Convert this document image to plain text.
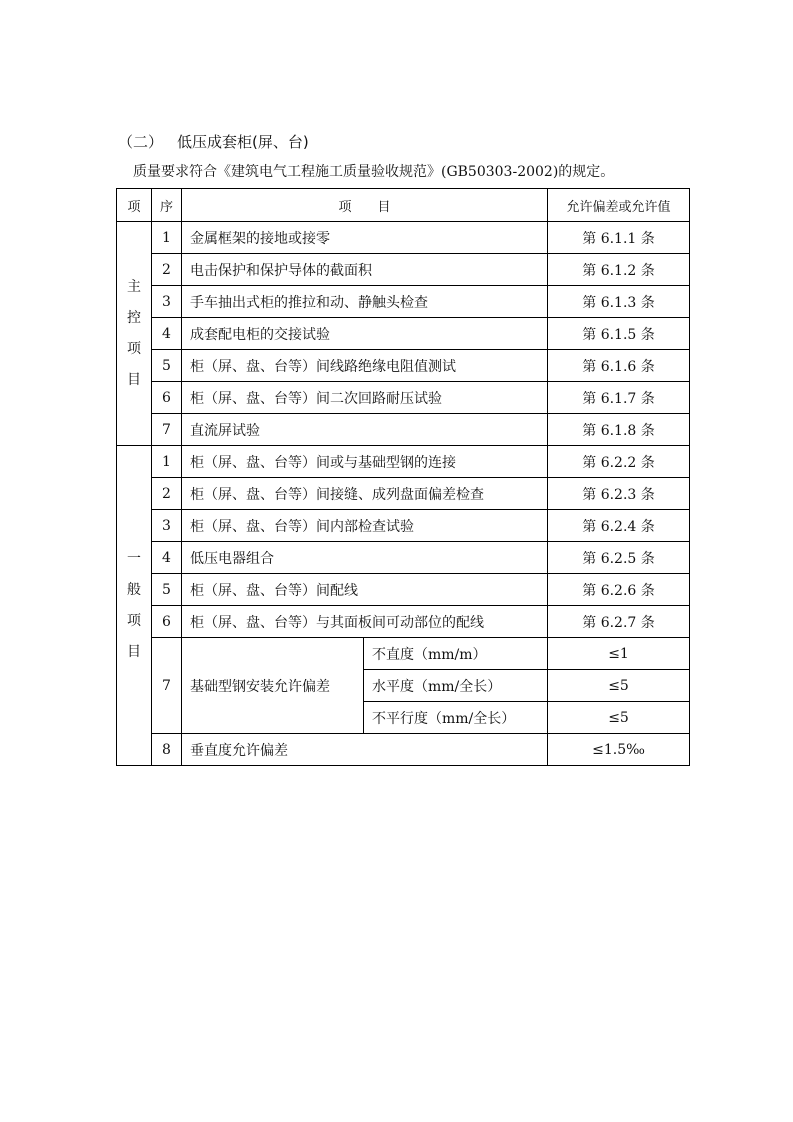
（二） 低压成套柜(屏、台)
质量要求符合《建筑电气工程施工质量验收规范》(GB50303-2002)的规定。
项	序	项　　目		允许偏差或允许值

主
控
项
目	1	金属框架的接地或接零		第 6.1.1 条
	2	电击保护和保护导体的截面积		第 6.1.2 条
	3	手车抽出式柜的推拉和动、静触头检查		第 6.1.3 条
	4	成套配电柜的交接试验		第 6.1.5 条
	5	柜（屏、盘、台等）间线路绝缘电阻值测试		第 6.1.6 条
	6	柜（屏、盘、台等）间二次回路耐压试验		第 6.1.7 条
	7	直流屏试验		第 6.1.8 条

一
般
项
目	1	柜（屏、盘、台等）间或与基础型钢的连接		第 6.2.2 条
	2	柜（屏、盘、台等）间接缝、成列盘面偏差检查		第 6.2.3 条
	3	柜（屏、盘、台等）间内部检查试验		第 6.2.4 条
	4	低压电器组合		第 6.2.5 条
	5	柜（屏、盘、台等）间配线		第 6.2.6 条
	6	柜（屏、盘、台等）与其面板间可动部位的配线		第 6.2.7 条
	7	基础型钢安装允许偏差	不直度（mm/m）	≤1
			水平度（mm/全长）	≤5
			不平行度（mm/全长）	≤5
	8	垂直度允许偏差		≤1.5‰
